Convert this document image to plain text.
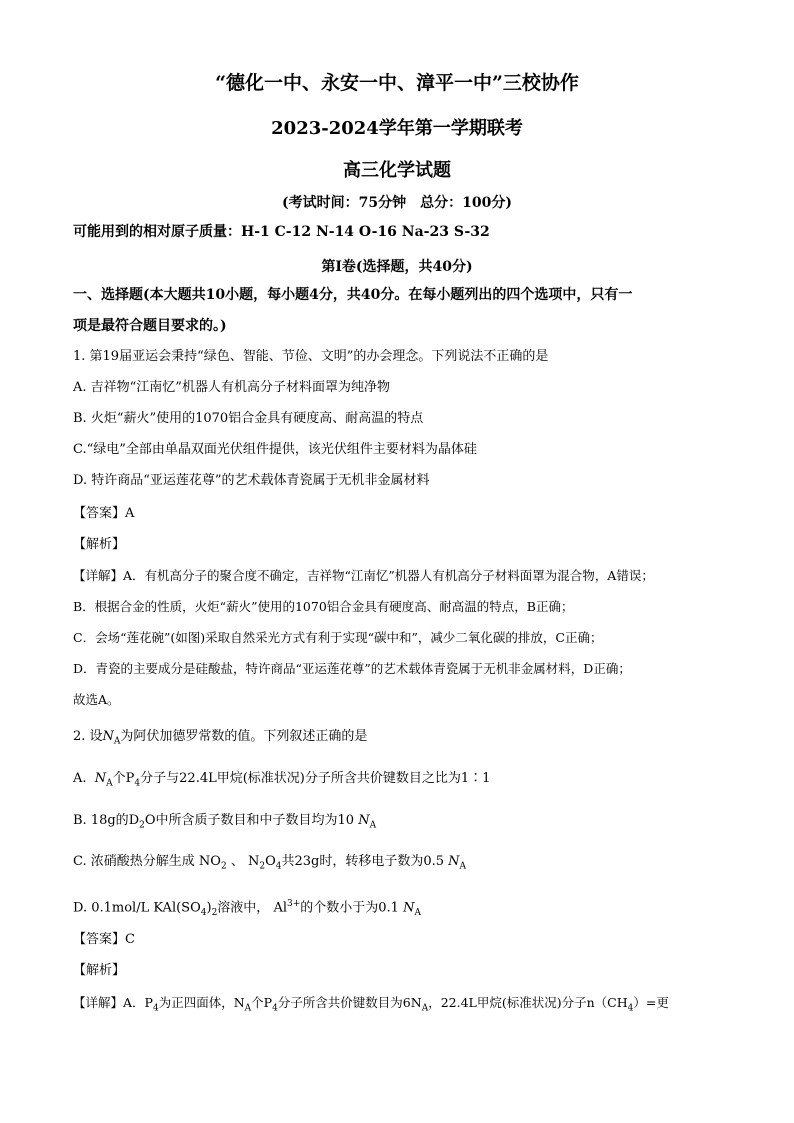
“德化一中、永安一中、漳平一中”三校协作
2023-2024学年第一学期联考
高三化学试题
(考试时间：75分钟　总分：100分)
可能用到的相对原子质量：H-1 C-12 N-14 O-16 Na-23 S-32
第I卷(选择题，共40分)
一、选择题(本大题共10小题，每小题4分，共40分。在每小题列出的四个选项中，只有一
项是最符合题目要求的。)
1. 第19届亚运会秉持“绿色、智能、节俭、文明”的办会理念。下列说法不正确的是
A. 吉祥物“江南忆”机器人有机高分子材料面罩为纯净物
B. 火炬“薪火”使用的1070铝合金具有硬度高、耐高温的特点
C.“绿电”全部由单晶双面光伏组件提供，该光伏组件主要材料为晶体硅
D. 特许商品“亚运莲花尊”的艺术载体青瓷属于无机非金属材料
【答案】A
【解析】
【详解】A．有机高分子的聚合度不确定，吉祥物“江南忆”机器人有机高分子材料面罩为混合物，A错误；
B．根据合金的性质，火炬“薪火”使用的1070铝合金具有硬度高、耐高温的特点，B正确；
C．会场“莲花碗”(如图)采取自然采光方式有利于实现“碳中和”，减少二氧化碳的排放，C正确；
D．青瓷的主要成分是硅酸盐，特许商品“亚运莲花尊”的艺术载体青瓷属于无机非金属材料，D正确；
故选A。
2. 设$N_A$为阿伏加德罗常数的值。下列叙述正确的是
A. $N_A$个$P_4$分子与22.4L甲烷(标准状况)分子所含共价键数目之比为1∶1
B. 18g的$D_2O$中所含质子数目和中子数目均为10 $N_A$
C. 浓硝酸热分解生成 $NO_2$ 、 $N_2O_4$共23g时，转移电子数为0.5 $N_A$
D. 0.1mol/L $KAl(SO_4)_2$溶液中， $Al^{3+}$的个数小于为0.1 $N_A$
【答案】C
【解析】
【详解】A．$P_4$为正四面体，$N_A$个$P_4$分子所含共价键数目为$6N_A$，22.4L甲烷(标准状况)分子$n(CH_4)=$更
